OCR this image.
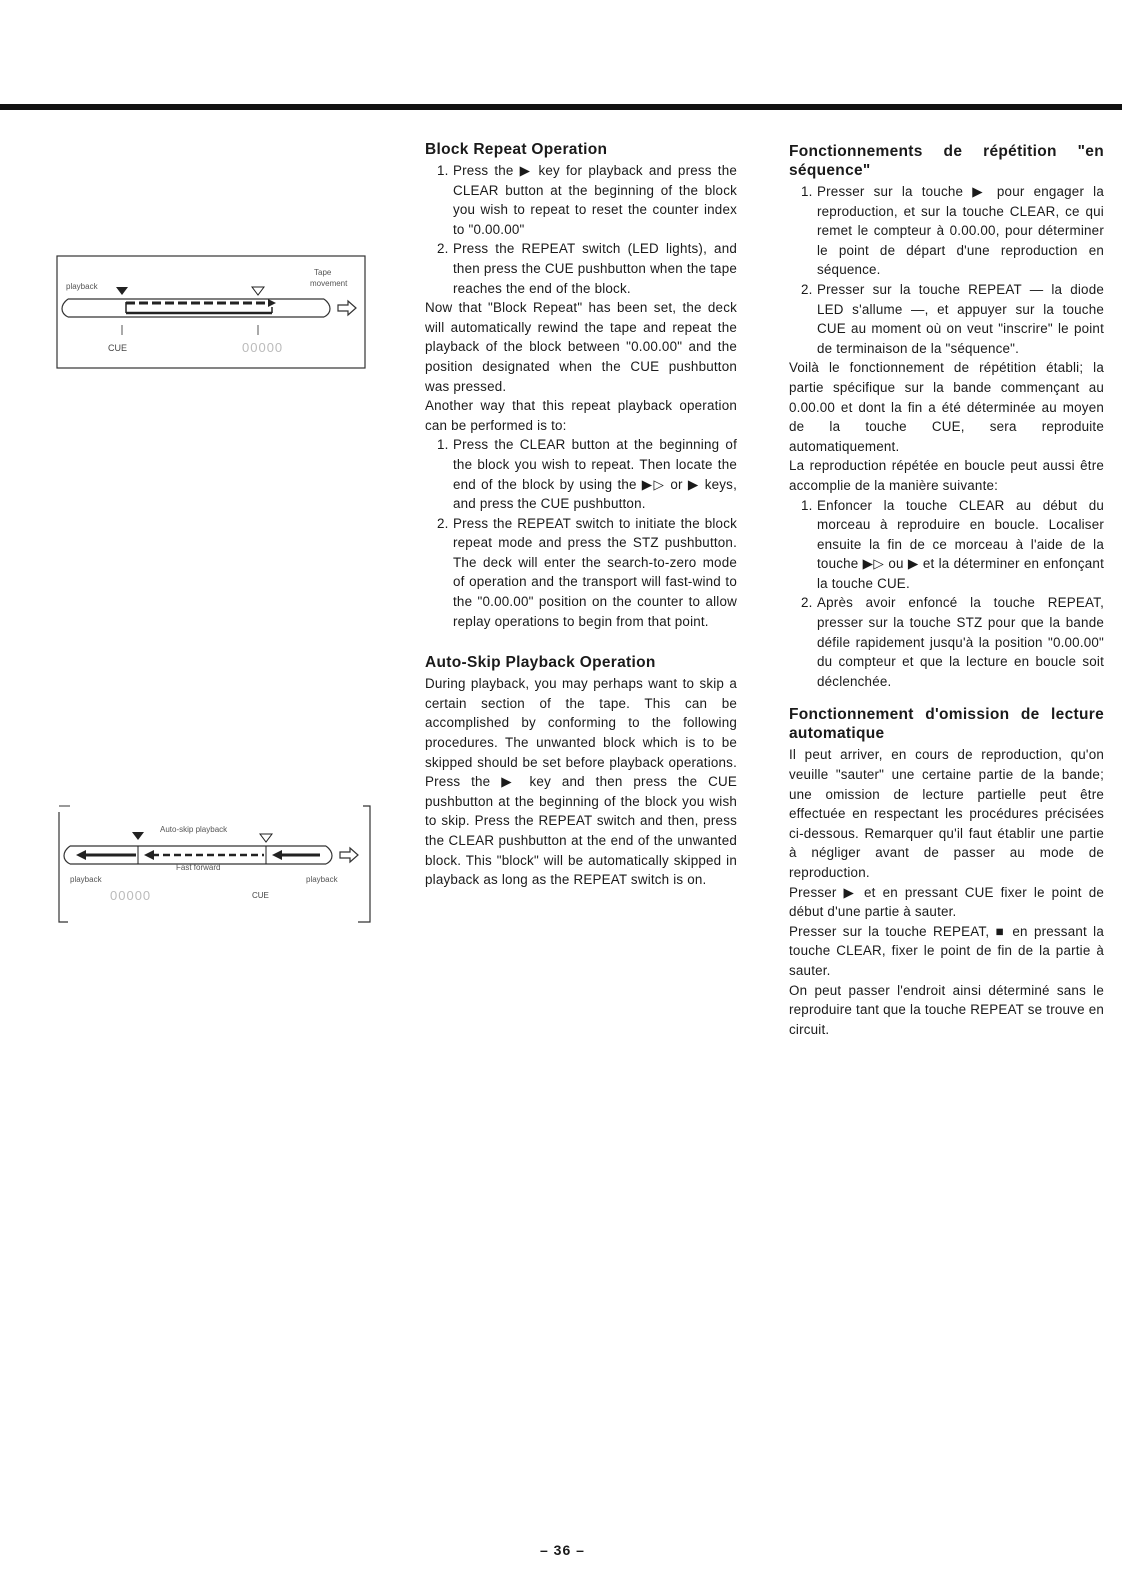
playback
Tape
movement
CUE	00000
Auto-skip playback
Fast forward
playback	playback
00000	CUE
Block Repeat Operation
1. Press the ▶ key for playback and press the CLEAR button at the beginning of the block you wish to repeat to reset the counter index to "0.00.00"
2. Press the REPEAT switch (LED lights), and then press the CUE pushbutton when the tape reaches the end of the block.

Now that "Block Repeat" has been set, the deck will automatically rewind the tape and repeat the playback of the block between "0.00.00" and the position designated when the CUE pushbutton was pressed.

Another way that this repeat playback operation can be performed is to:

1. Press the CLEAR button at the beginning of the block you wish to repeat. Then locate the end of the block by using the ▶▷ or ▶ keys, and press the CUE pushbutton.
2. Press the REPEAT switch to initiate the block repeat mode and press the STZ pushbutton. The deck will enter the search-to-zero mode of operation and the transport will fast-wind to the "0.00.00" position on the counter to allow replay operations to begin from that point.
Auto-Skip Playback Operation

During playback, you may perhaps want to skip a certain section of the tape. This can be accomplished by conforming to the following procedures. The unwanted block which is to be skipped should be set before playback operations. Press the ▶ key and then press the CUE pushbutton at the beginning of the block you wish to skip. Press the REPEAT switch and then, press the CLEAR pushbutton at the end of the unwanted block. This "block" will be automatically skipped in playback as long as the REPEAT switch is on.

Fonctionnements de répétition "en séquence"
1. Presser sur la touche ▶ pour engager la reproduction, et sur la touche CLEAR, ce qui remet le compteur à 0.00.00, pour déterminer le point de départ d'une reproduction en séquence.
2. Presser sur la touche REPEAT — la diode LED s'allume —, et appuyer sur la touche CUE au moment où on veut "inscrire" le point de terminaison de la "séquence".

Voilà le fonctionnement de répétition établi; la partie spécifique sur la bande commençant au 0.00.00 et dont la fin a été déterminée au moyen de la touche CUE, sera reproduite automatiquement.

La reproduction répétée en boucle peut aussi être accomplie de la manière suivante:

1. Enfoncer la touche CLEAR au début du morceau à reproduire en boucle. Localiser ensuite la fin de ce morceau à l'aide de la touche ▶▷ ou ▶ et la déterminer en enfonçant la touche CUE.
2. Après avoir enfoncé la touche REPEAT, presser sur la touche STZ pour que la bande défile rapidement jusqu'à la position "0.00.00" du compteur et que la lecture en boucle soit déclenchée.
Fonctionnement d'omission de lecture automatique

Il peut arriver, en cours de reproduction, qu'on veuille "sauter" une certaine partie de la bande; une omission de lecture partielle peut être effectuée en respectant les procédures précisées ci-dessous. Remarquer qu'il faut établir une partie à négliger avant de passer au mode de reproduction.

Presser ▶ et en pressant CUE fixer le point de début d'une partie à sauter.

Presser sur la touche REPEAT, ■ en pressant la touche CLEAR, fixer le point de fin de la partie à sauter.

On peut passer l'endroit ainsi déterminé sans le reproduire tant que la touche REPEAT se trouve en circuit.

– 36 –
